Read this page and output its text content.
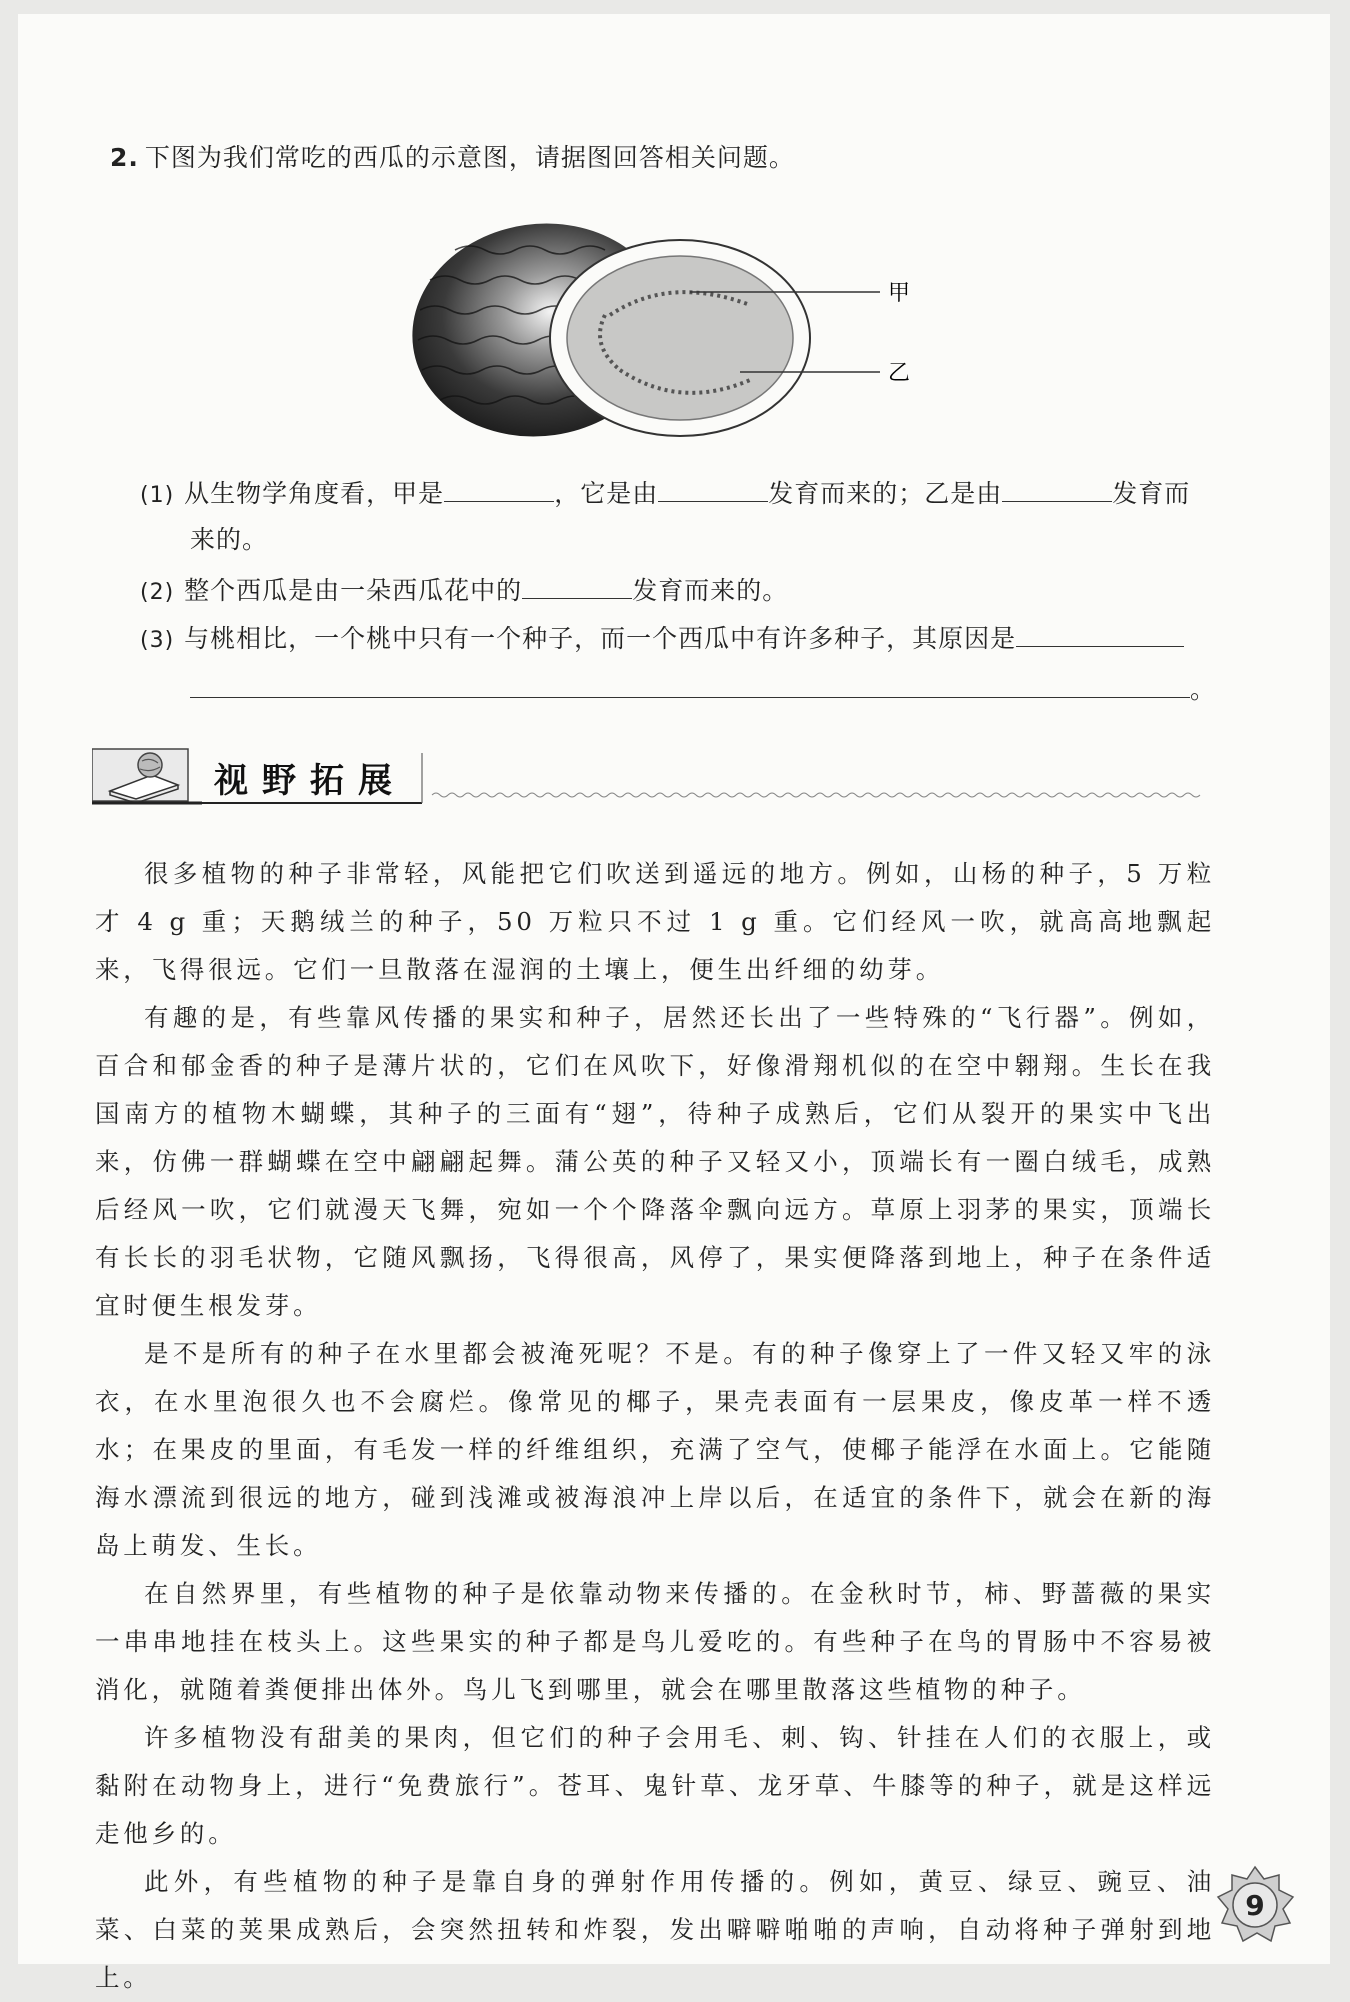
2. 下图为我们常吃的西瓜的示意图，请据图回答相关问题。
甲
乙
(1) 从生物学角度看，甲是	，它是由	发育而来的；乙是由	发育而
来的。
(2) 整个西瓜是由一朵西瓜花中的	发育而来的。
(3) 与桃相比，一个桃中只有一个种子，而一个西瓜中有许多种子，其原因是
。
视野拓展

很多植物的种子非常轻，风能把它们吹送到遥远的地方。例如，山杨的种子，5 万粒才 4 g 重；天鹅绒兰的种子，50 万粒只不过 1 g 重。它们经风一吹，就高高地飘起来，飞得很远。它们一旦散落在湿润的土壤上，便生出纤细的幼芽。

有趣的是，有些靠风传播的果实和种子，居然还长出了一些特殊的“飞行器”。例如，百合和郁金香的种子是薄片状的，它们在风吹下，好像滑翔机似的在空中翱翔。生长在我国南方的植物木蝴蝶，其种子的三面有“翅”，待种子成熟后，它们从裂开的果实中飞出来，仿佛一群蝴蝶在空中翩翩起舞。蒲公英的种子又轻又小，顶端长有一圈白绒毛，成熟后经风一吹，它们就漫天飞舞，宛如一个个降落伞飘向远方。草原上羽茅的果实，顶端长有长长的羽毛状物，它随风飘扬，飞得很高，风停了，果实便降落到地上，种子在条件适宜时便生根发芽。

是不是所有的种子在水里都会被淹死呢？不是。有的种子像穿上了一件又轻又牢的泳衣，在水里泡很久也不会腐烂。像常见的椰子，果壳表面有一层果皮，像皮革一样不透水；在果皮的里面，有毛发一样的纤维组织，充满了空气，使椰子能浮在水面上。它能随海水漂流到很远的地方，碰到浅滩或被海浪冲上岸以后，在适宜的条件下，就会在新的海岛上萌发、生长。

在自然界里，有些植物的种子是依靠动物来传播的。在金秋时节，柿、野蔷薇的果实一串串地挂在枝头上。这些果实的种子都是鸟儿爱吃的。有些种子在鸟的胃肠中不容易被消化，就随着粪便排出体外。鸟儿飞到哪里，就会在哪里散落这些植物的种子。

许多植物没有甜美的果肉，但它们的种子会用毛、刺、钩、针挂在人们的衣服上，或黏附在动物身上，进行“免费旅行”。苍耳、鬼针草、龙牙草、牛膝等的种子，就是这样远走他乡的。

此外，有些植物的种子是靠自身的弹射作用传播的。例如，黄豆、绿豆、豌豆、油菜、白菜的荚果成熟后，会突然扭转和炸裂，发出噼噼啪啪的声响，自动将种子弹射到地上。

9
